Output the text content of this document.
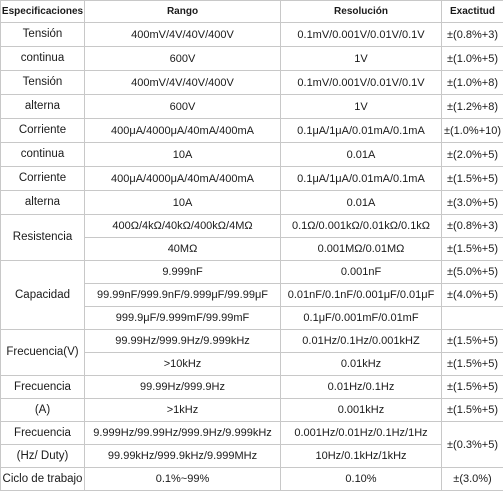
Especificaciones	Rango	Resolución	Exactitud
Tensión	400mV/4V/40V/400V	0.1mV/0.001V/0.01V/0.1V	±(0.8%+3)
continua	600V	1V	±(1.0%+5)
Tensión	400mV/4V/40V/400V	0.1mV/0.001V/0.01V/0.1V	±(1.0%+8)
alterna	600V	1V	±(1.2%+8)
Corriente	400μA/4000μA/40mA/400mA	0.1μA/1μA/0.01mA/0.1mA	±(1.0%+10)
continua	10A	0.01A	±(2.0%+5)
Corriente	400μA/4000μA/40mA/400mA	0.1μA/1μA/0.01mA/0.1mA	±(1.5%+5)
alterna	10A	0.01A	±(3.0%+5)
Resistencia	400Ω/4kΩ/40kΩ/400kΩ/4MΩ	0.1Ω/0.001kΩ/0.01kΩ/0.1kΩ	±(0.8%+3)
	40MΩ	0.001MΩ/0.01MΩ	±(1.5%+5)
Capacidad	9.999nF	0.001nF	±(5.0%+5)
	99.99nF/999.9nF/9.999μF/99.99μF	0.01nF/0.1nF/0.001μF/0.01μF	±(4.0%+5)
	999.9μF/9.999mF/99.99mF	0.1μF/0.001mF/0.01mF	
Frecuencia(V)	99.99Hz/999.9Hz/9.999kHz	0.01Hz/0.1Hz/0.001kHZ	±(1.5%+5)
	>10kHz	0.01kHz	±(1.5%+5)
Frecuencia	99.99Hz/999.9Hz	0.01Hz/0.1Hz	±(1.5%+5)
(A)	>1kHz	0.001kHz	±(1.5%+5)
Frecuencia	9.999Hz/99.99Hz/999.9Hz/9.999kHz	0.001Hz/0.01Hz/0.1Hz/1Hz	±(0.3%+5)
(Hz/ Duty)	99.99kHz/999.9kHz/9.999MHz	10Hz/0.1kHz/1kHz	
Ciclo de trabajo	0.1%~99%	0.10%	±(3.0%)
